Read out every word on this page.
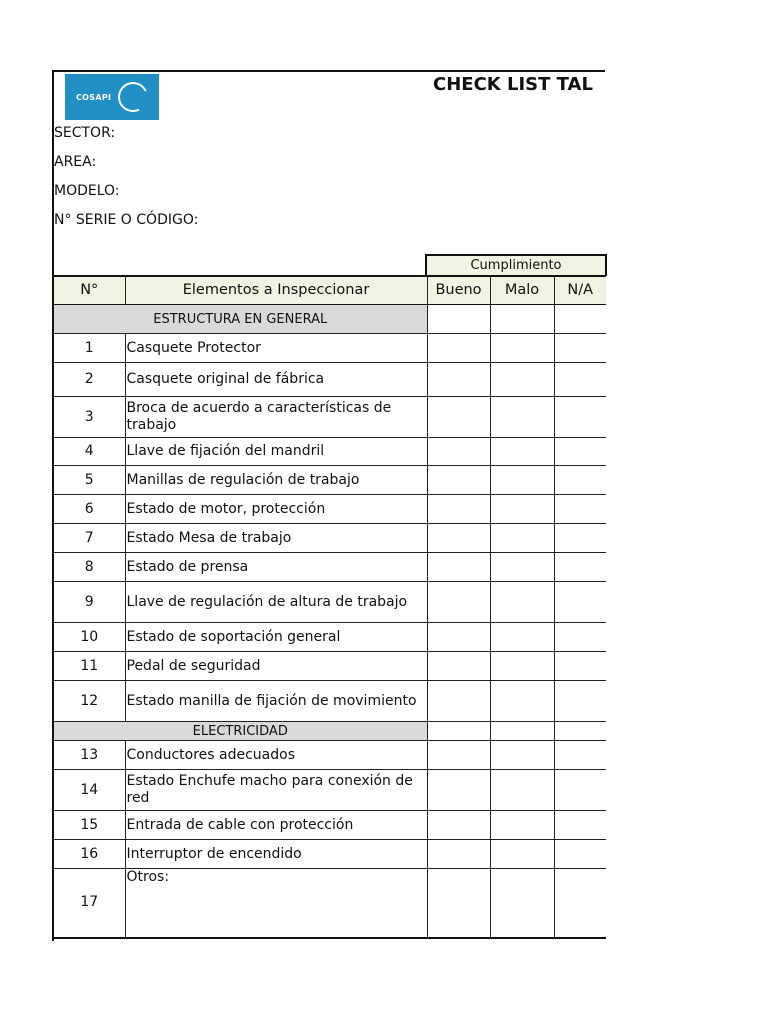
COSAPI
CHECK LIST TAL
SECTOR:
AREA:
MODELO:
N° SERIE O CÓDIGO:
Cumplimiento
N°	Elementos a Inspeccionar	Bueno	Malo	N/A
ESTRUCTURA EN GENERAL				
1	Casquete Protector			
2	Casquete original de fábrica			
3	Broca de acuerdo a características de trabajo			
4	Llave de fijación del mandril			
5	Manillas de regulación de trabajo			
6	Estado de motor, protección			
7	Estado Mesa de trabajo			
8	Estado de prensa			
9	Llave de regulación de altura de trabajo			
10	Estado de soportación general			
11	Pedal de seguridad			
12	Estado manilla de fijación de movimiento			
ELECTRICIDAD				
13	Conductores adecuados			
14	Estado Enchufe macho para conexión de red			
15	Entrada de cable con protección			
16	Interruptor de encendido			
17	Otros:			
